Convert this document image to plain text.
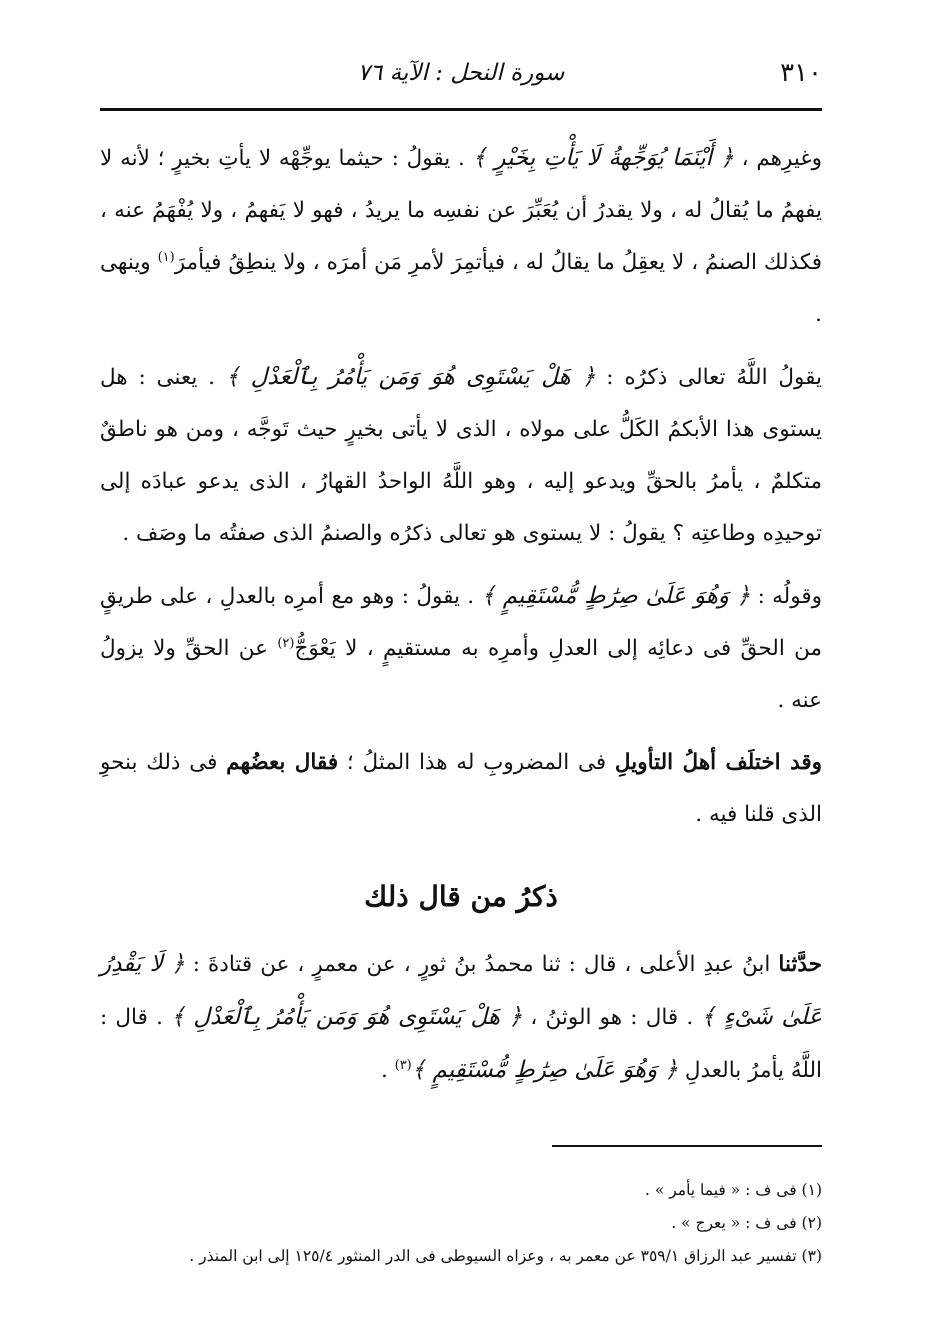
٣١٠
سورة النحل : الآية ٧٦

وغيرِهم ، ﴿ أَيْنَمَا يُوَجِّهةُ لَا يَأْتِ بِخَيْرٍ ﴾ . يقولُ : حيثما يوجِّهْه لا يأتِ بخيرٍ ؛ لأنه لا يفهمُ ما يُقالُ له ، ولا يقدرُ أن يُعَبِّرَ عن نفسِه ما يريدُ ، فهو لا يَفهمُ ، ولا يُفْهَمُ عنه ، فكذلك الصنمُ ، لا يعقِلُ ما يقالُ له ، فيأتمِرَ لأمرِ مَن أمرَه ، ولا ينطِقُ فيأمرَ$^{(١)}$ وينهى .

يقولُ اللَّهُ تعالى ذكرُه : ﴿ هَلْ يَسْتَوِى هُوَ وَمَن يَأْمُرُ بِٱلْعَدْلِ ﴾ . يعنى : هل يستوى هذا الأبكمُ الكَلُّ على مولاه ، الذى لا يأتى بخيرٍ حيث تَوجَّه ، ومن هو ناطقٌ متكلمٌ ، يأمرُ بالحقِّ ويدعو إليه ، وهو اللَّهُ الواحدُ القهارُ ، الذى يدعو عبادَه إلى توحيدِه وطاعتِه ؟ يقولُ : لا يستوى هو تعالى ذكرُه والصنمُ الذى صفتُه ما وصَف .

وقولُه : ﴿ وَهُوَ عَلَىٰ صِرَٰطٍ مُّسْتَقِيمٍ ﴾ . يقولُ : وهو مع أمرِه بالعدلِ ، على طريقٍ من الحقِّ فى دعائِه إلى العدلِ وأمرِه به مستقيمٍ ، لا يَعْوَجُّ$^{(٢)}$ عن الحقِّ ولا يزولُ عنه .

وقد اختلَف أهلُ التأويلِ فى المضروبِ له هذا المثلُ ؛ فقال بعضُهم فى ذلك بنحوِ الذى قلنا فيه .

ذكرُ من قال ذلك

حدَّثنا ابنُ عبدِ الأعلى ، قال : ثنا محمدُ بنُ ثورٍ ، عن معمرٍ ، عن قتادةَ : ﴿ لَا يَقْدِرُ عَلَىٰ شَىْءٍ ﴾ . قال : هو الوثنُ ، ﴿ هَلْ يَسْتَوِى هُوَ وَمَن يَأْمُرُ بِٱلْعَدْلِ ﴾ . قال : اللَّهُ يأمرُ بالعدلِ ﴿ وَهُوَ عَلَىٰ صِرَٰطٍ مُّسْتَقِيمٍ ﴾$^{(٣)}$ .

(١) فى ف : « فيما يأمر » .

(٢) فى ف : « يعرج » .

(٣) تفسير عبد الرزاق ٣٥٩/١ عن معمر به ، وعزاه السيوطى فى الدر المنثور ١٢٥/٤ إلى ابن المنذر .
